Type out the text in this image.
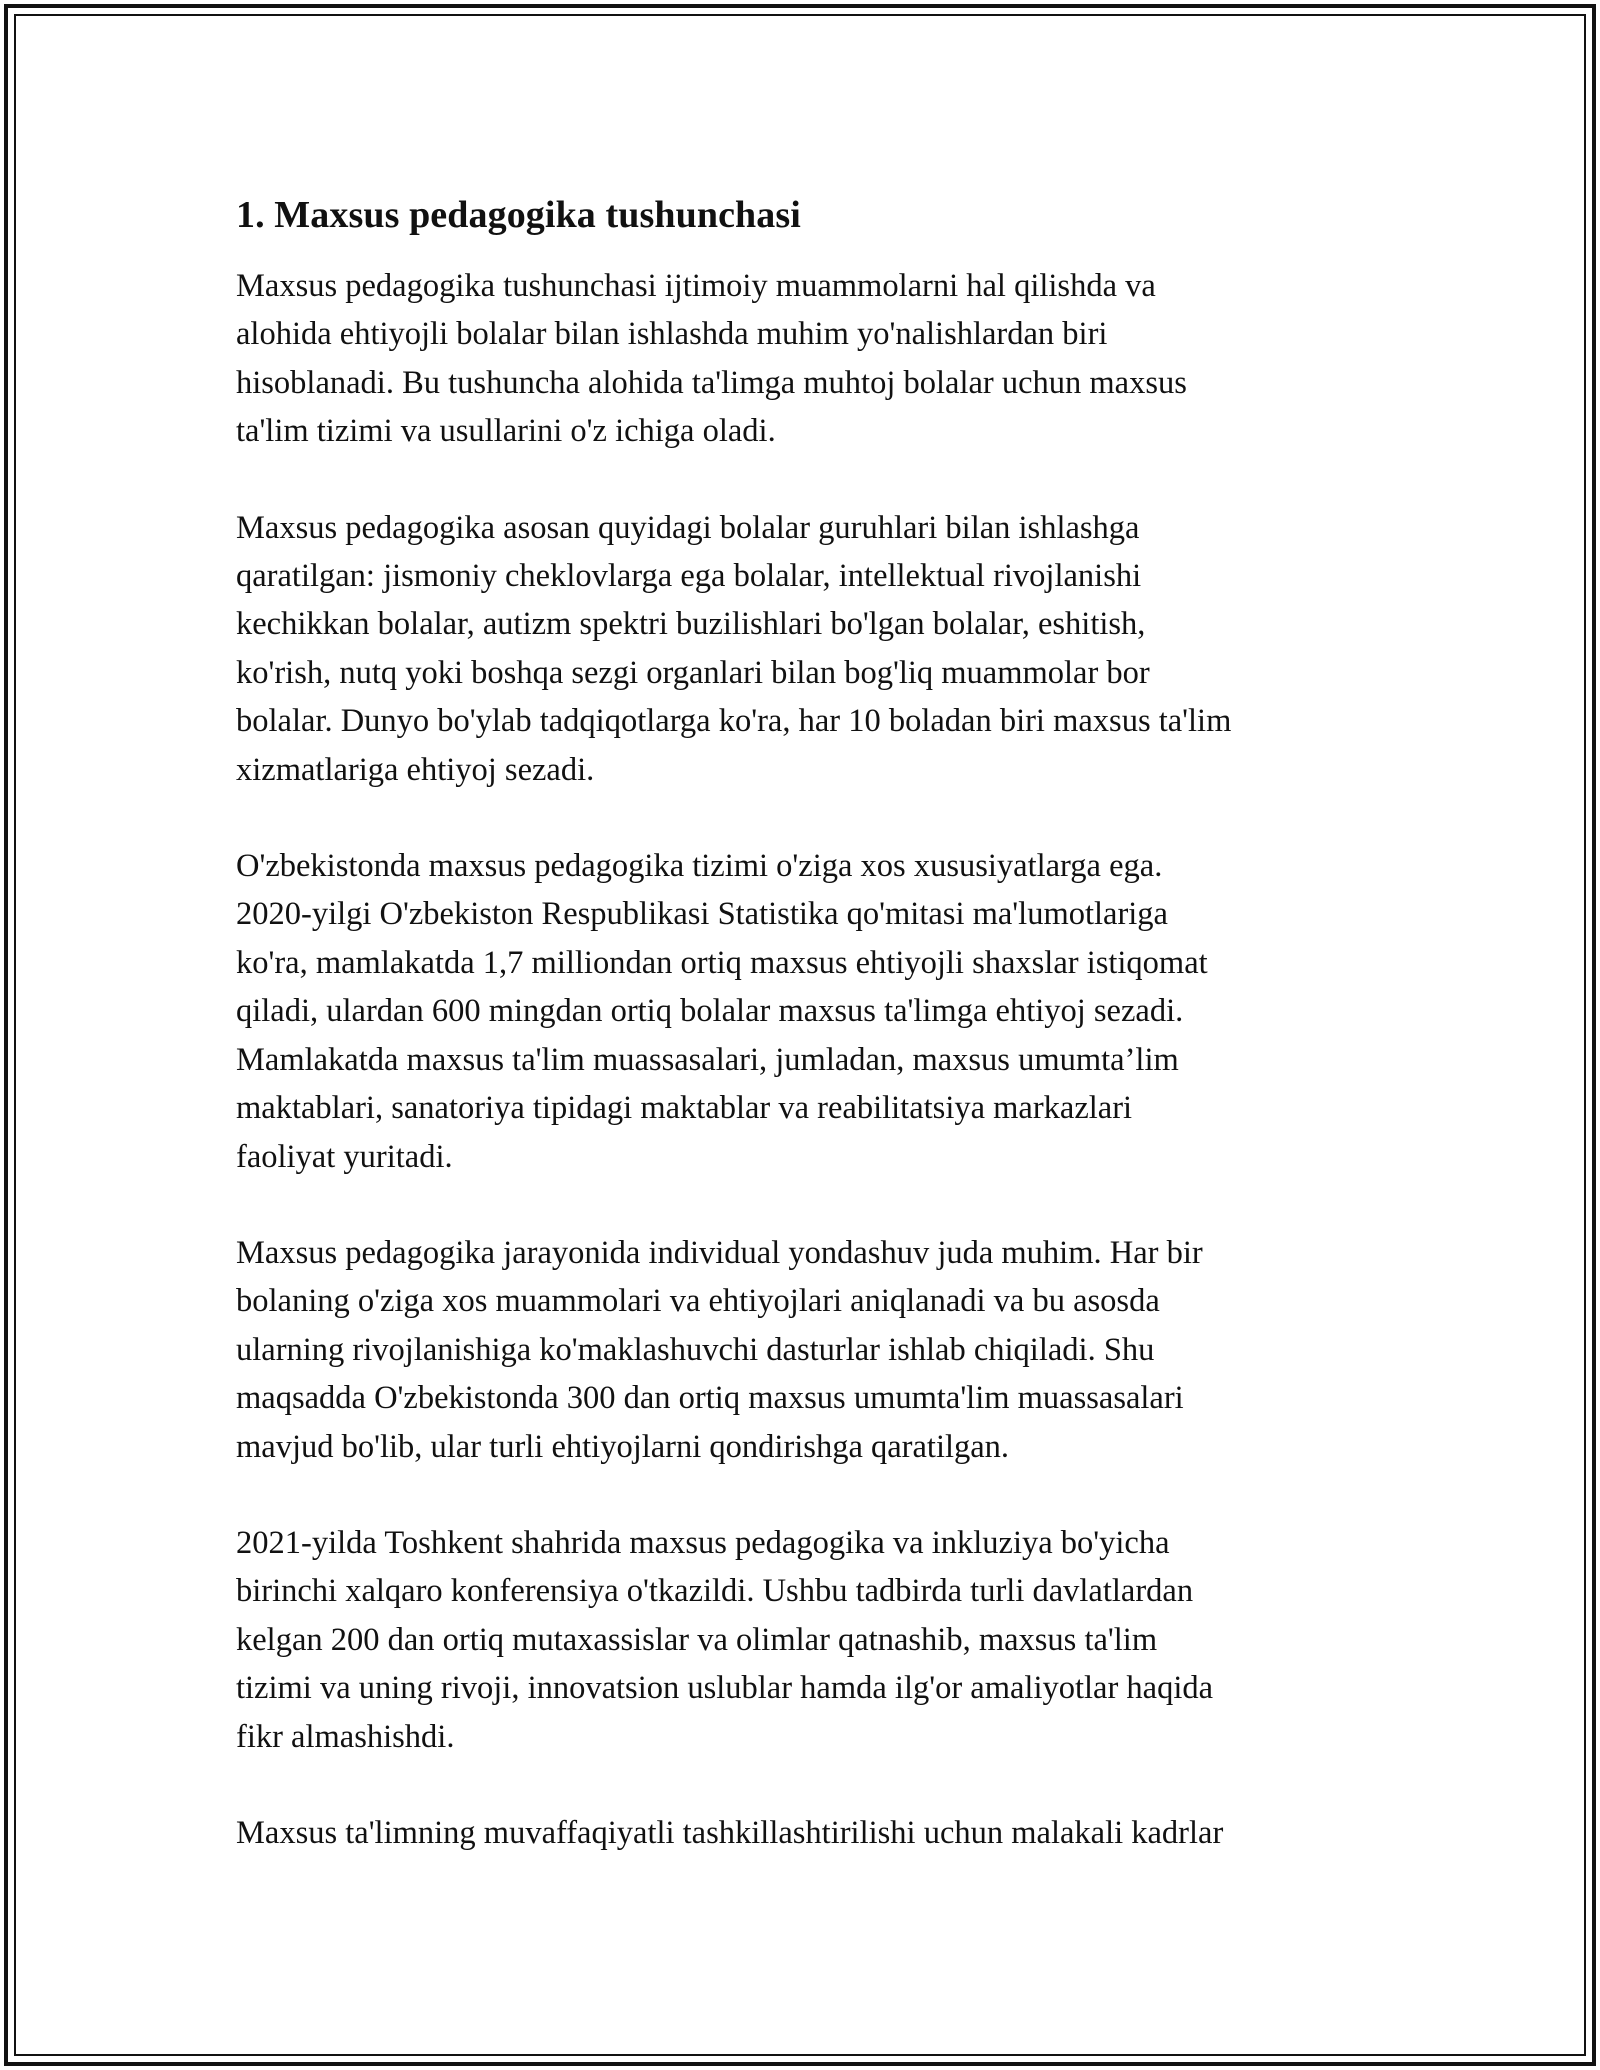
1. Maxsus pedagogika tushunchasi

Maxsus pedagogika tushunchasi ijtimoiy muammolarni hal qilishda va
alohida ehtiyojli bolalar bilan ishlashda muhim yo'nalishlardan biri
hisoblanadi. Bu tushuncha alohida ta'limga muhtoj bolalar uchun maxsus
ta'lim tizimi va usullarini o'z ichiga oladi.

Maxsus pedagogika asosan quyidagi bolalar guruhlari bilan ishlashga
qaratilgan: jismoniy cheklovlarga ega bolalar, intellektual rivojlanishi
kechikkan bolalar, autizm spektri buzilishlari bo'lgan bolalar, eshitish,
ko'rish, nutq yoki boshqa sezgi organlari bilan bog'liq muammolar bor
bolalar. Dunyo bo'ylab tadqiqotlarga ko'ra, har 10 boladan biri maxsus ta'lim
xizmatlariga ehtiyoj sezadi.

O'zbekistonda maxsus pedagogika tizimi o'ziga xos xususiyatlarga ega.
2020-yilgi O'zbekiston Respublikasi Statistika qo'mitasi ma'lumotlariga
ko'ra, mamlakatda 1,7 milliondan ortiq maxsus ehtiyojli shaxslar istiqomat
qiladi, ulardan 600 mingdan ortiq bolalar maxsus ta'limga ehtiyoj sezadi.
Mamlakatda maxsus ta'lim muassasalari, jumladan, maxsus umumta’lim
maktablari, sanatoriya tipidagi maktablar va reabilitatsiya markazlari
faoliyat yuritadi.

Maxsus pedagogika jarayonida individual yondashuv juda muhim. Har bir
bolaning o'ziga xos muammolari va ehtiyojlari aniqlanadi va bu asosda
ularning rivojlanishiga ko'maklashuvchi dasturlar ishlab chiqiladi. Shu
maqsadda O'zbekistonda 300 dan ortiq maxsus umumta'lim muassasalari
mavjud bo'lib, ular turli ehtiyojlarni qondirishga qaratilgan.

2021-yilda Toshkent shahrida maxsus pedagogika va inkluziya bo'yicha
birinchi xalqaro konferensiya o'tkazildi. Ushbu tadbirda turli davlatlardan
kelgan 200 dan ortiq mutaxassislar va olimlar qatnashib, maxsus ta'lim
tizimi va uning rivoji, innovatsion uslublar hamda ilg'or amaliyotlar haqida
fikr almashishdi.

Maxsus ta'limning muvaffaqiyatli tashkillashtirilishi uchun malakali kadrlar
